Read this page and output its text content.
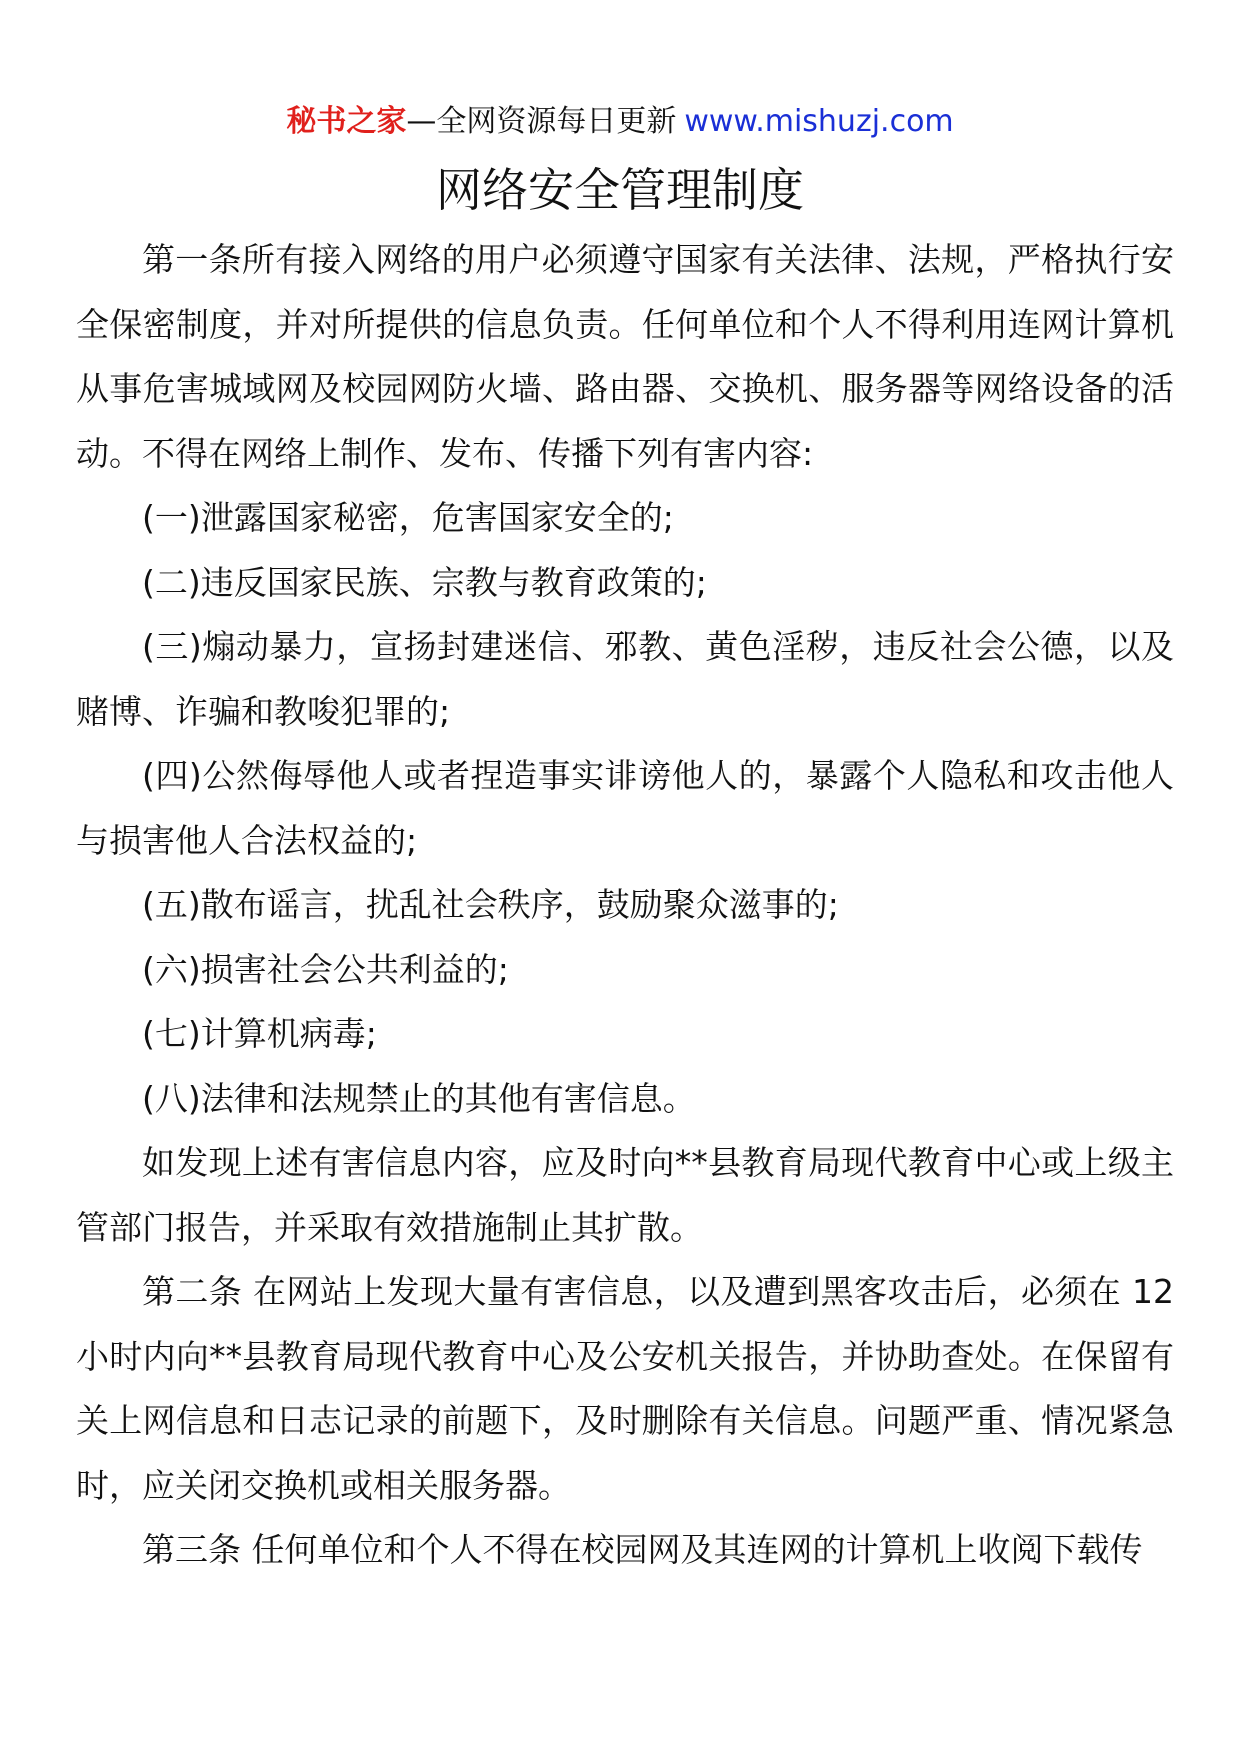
秘书之家—全网资源每日更新 www.mishuzj.com
网络安全管理制度

第一条所有接入网络的用户必须遵守国家有关法律、法规，严格执行安全保密制度，并对所提供的信息负责。任何单位和个人不得利用连网计算机从事危害城域网及校园网防火墙、路由器、交换机、服务器等网络设备的活动。不得在网络上制作、发布、传播下列有害内容:

(一)泄露国家秘密，危害国家安全的;

(二)违反国家民族、宗教与教育政策的;

(三)煽动暴力，宣扬封建迷信、邪教、黄色淫秽，违反社会公德，以及赌博、诈骗和教唆犯罪的;

(四)公然侮辱他人或者捏造事实诽谤他人的，暴露个人隐私和攻击他人与损害他人合法权益的;

(五)散布谣言，扰乱社会秩序，鼓励聚众滋事的;

(六)损害社会公共利益的;

(七)计算机病毒;

(八)法律和法规禁止的其他有害信息。

如发现上述有害信息内容，应及时向**县教育局现代教育中心或上级主管部门报告，并采取有效措施制止其扩散。

第二条 在网站上发现大量有害信息，以及遭到黑客攻击后，必须在 12 小时内向**县教育局现代教育中心及公安机关报告，并协助查处。在保留有关上网信息和日志记录的前题下，及时删除有关信息。问题严重、情况紧急时，应关闭交换机或相关服务器。

第三条 任何单位和个人不得在校园网及其连网的计算机上收阅下载传
